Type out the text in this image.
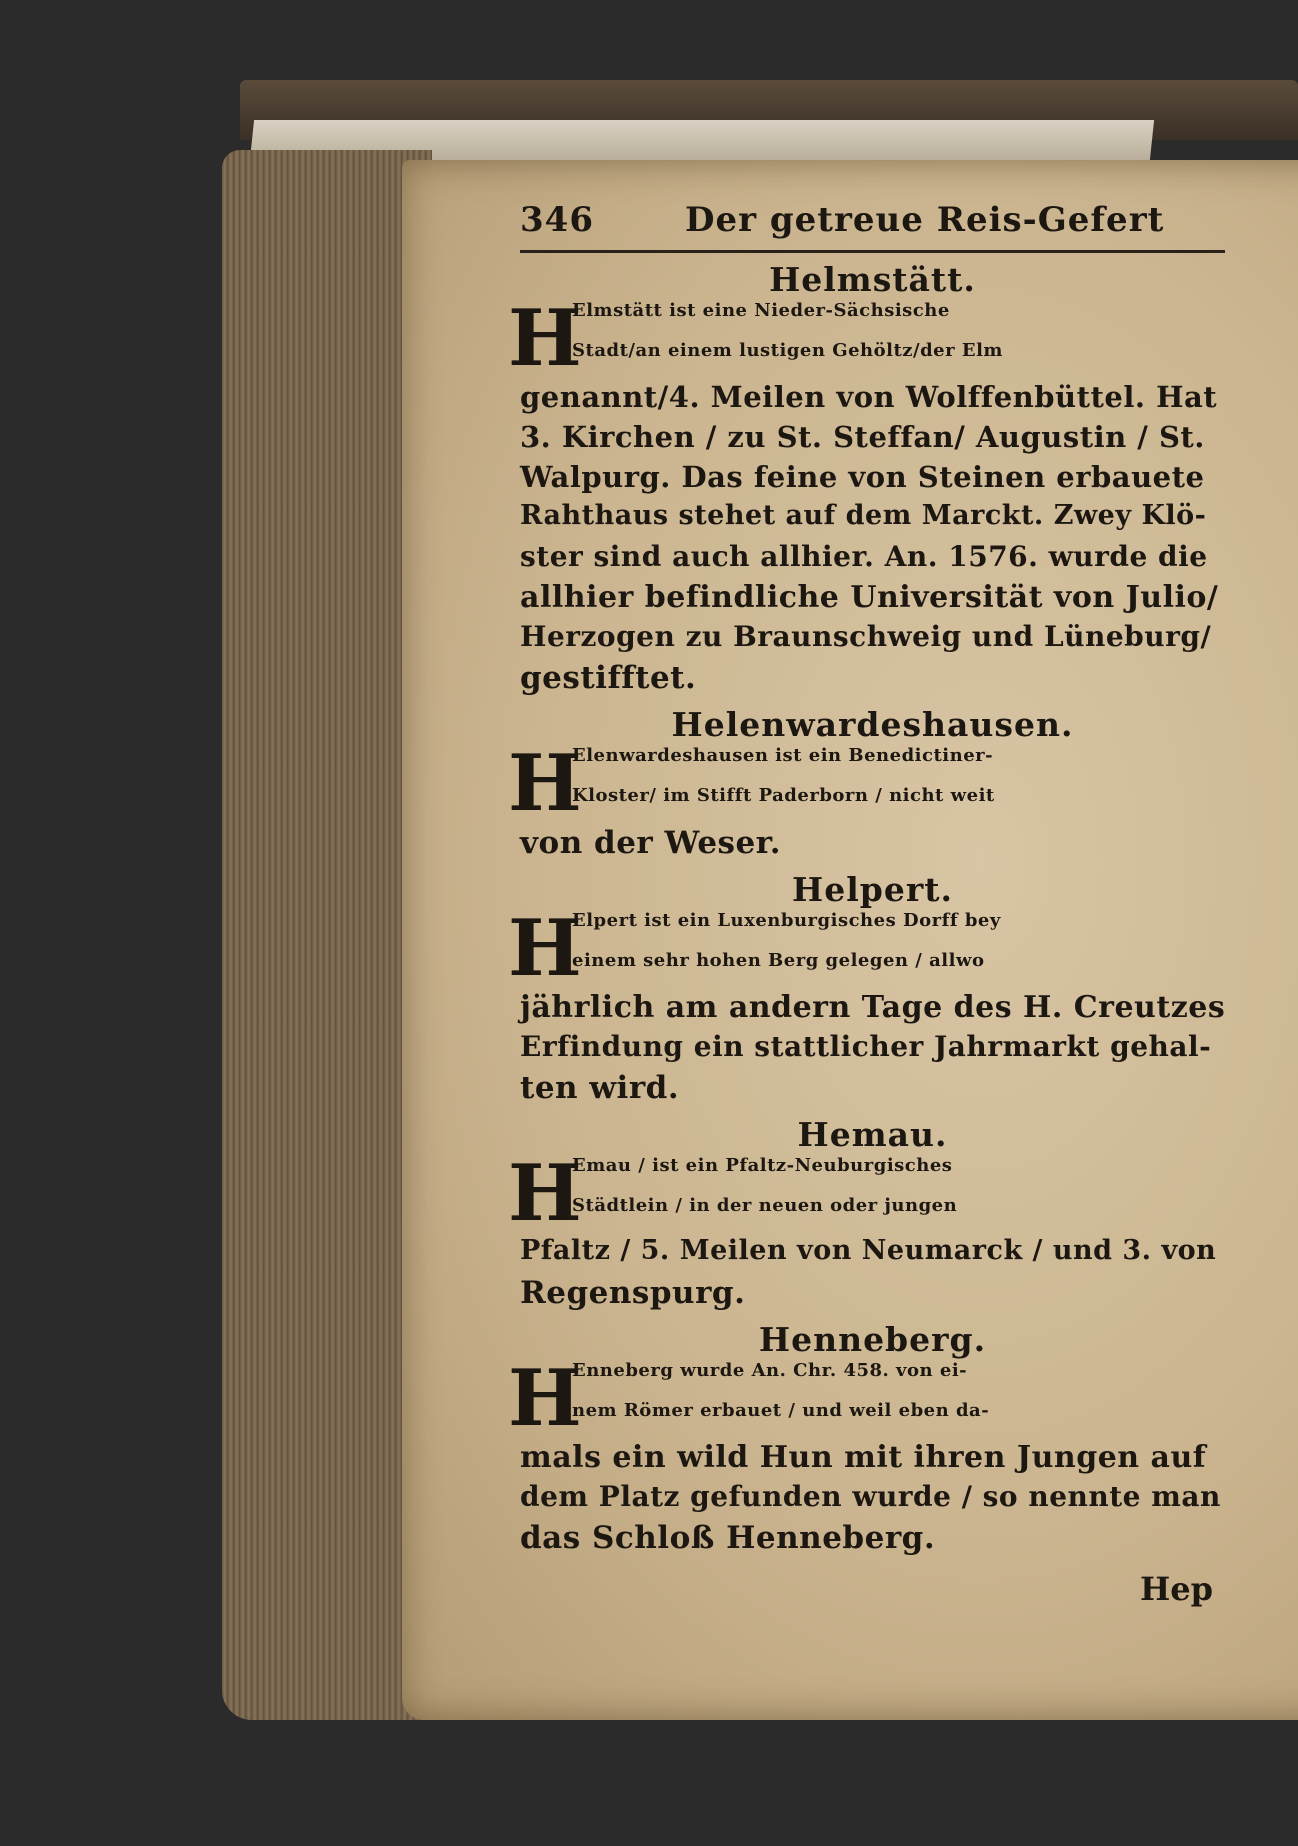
346	Der getreue Reis-Gefert
Helmstätt.
H
Elmstätt ist eine Nieder-Sächsische
Stadt/an einem lustigen Gehöltz/der Elm
genannt/4. Meilen von Wolffenbüttel. Hat
3. Kirchen / zu St. Steffan/ Augustin / St.
Walpurg. Das feine von Steinen erbauete
Rahthaus stehet auf dem Marckt. Zwey Klö-
ster sind auch allhier. An. 1576. wurde die
allhier befindliche Universität von Julio/
Herzogen zu Braunschweig und Lüneburg/
gestifftet.
Helenwardeshausen.
H
Elenwardeshausen ist ein Benedictiner-
Kloster/ im Stifft Paderborn / nicht weit
von der Weser.
Helpert.
H
Elpert ist ein Luxenburgisches Dorff bey
einem sehr hohen Berg gelegen / allwo
jährlich am andern Tage des H. Creutzes
Erfindung ein stattlicher Jahrmarkt gehal-
ten wird.
Hemau.
H
Emau / ist ein Pfaltz-Neuburgisches
Städtlein / in der neuen oder jungen
Pfaltz / 5. Meilen von Neumarck / und 3. von
Regenspurg.
Henneberg.
H
Enneberg wurde An. Chr. 458. von ei-
nem Römer erbauet / und weil eben da-
mals ein wild Hun mit ihren Jungen auf
dem Platz gefunden wurde / so nennte man
das Schloß Henneberg.
Hep
